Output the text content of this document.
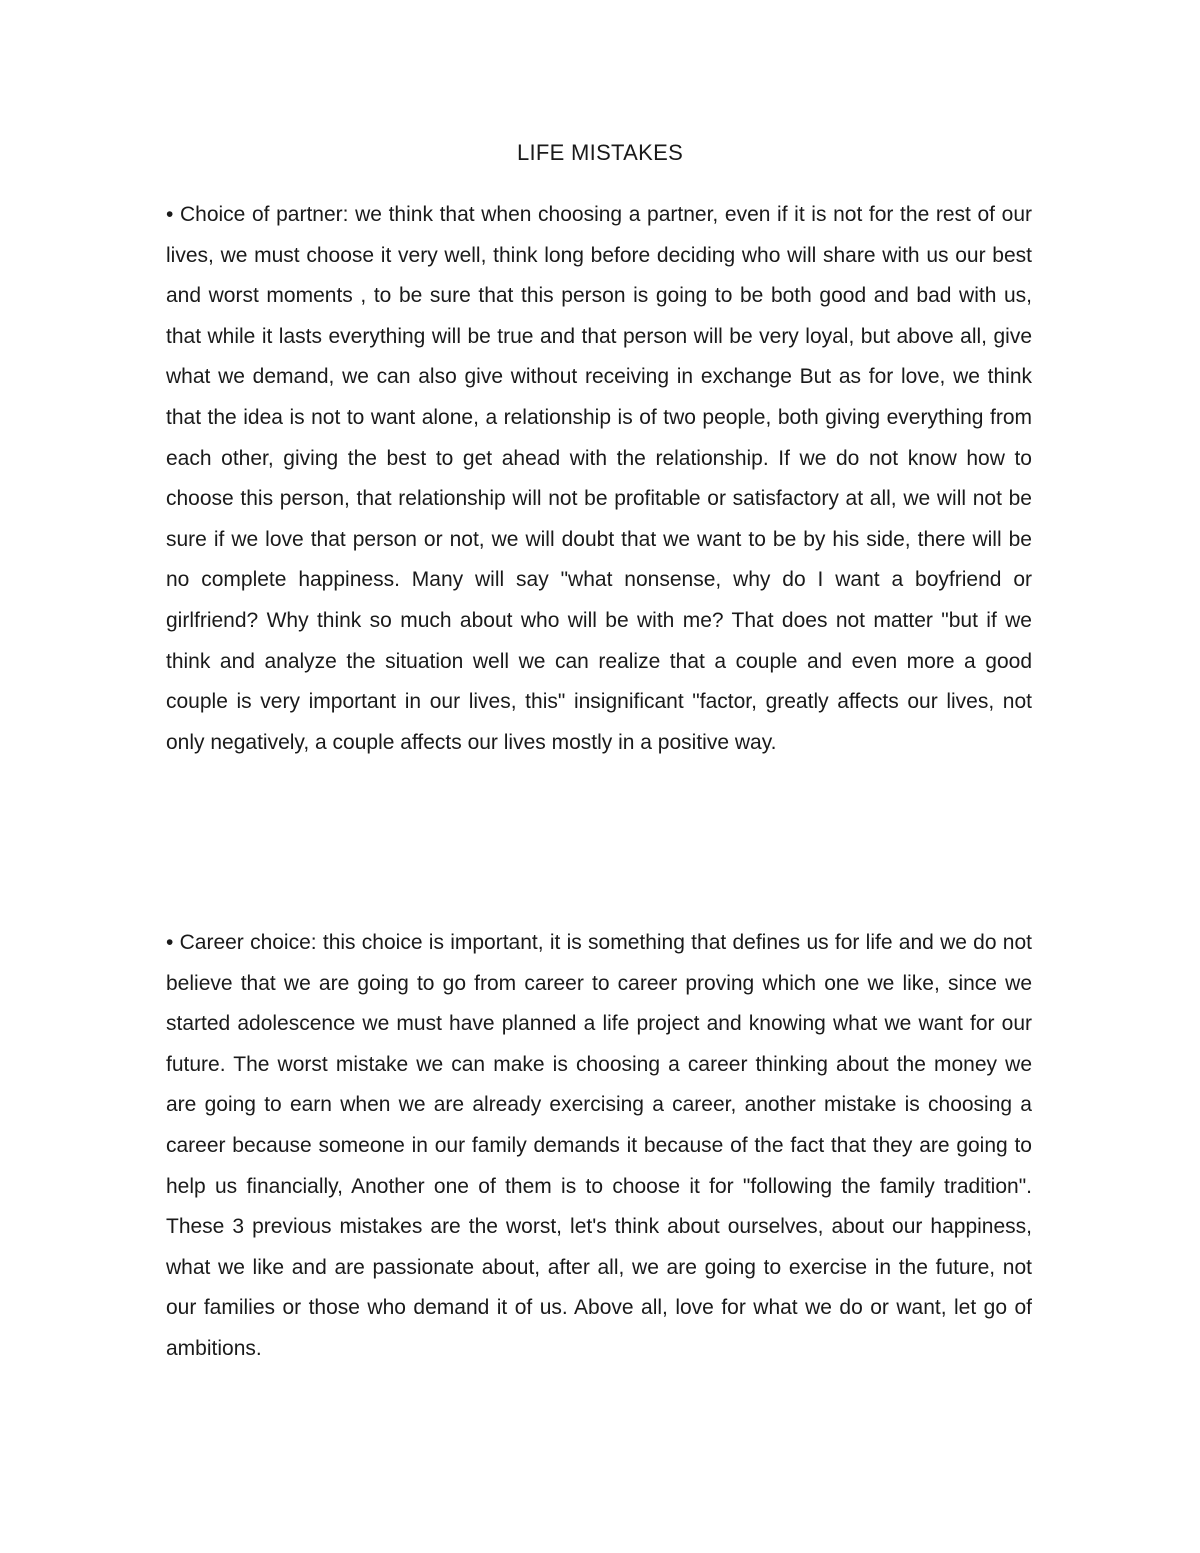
LIFE MISTAKES

• Choice of partner: we think that when choosing a partner, even if it is not for the rest of our lives, we must choose it very well, think long before deciding who will share with us our best and worst moments , to be sure that this person is going to be both good and bad with us, that while it lasts everything will be true and that person will be very loyal, but above all, give what we demand, we can also give without receiving in exchange But as for love, we think that the idea is not to want alone, a relationship is of two people, both giving everything from each other, giving the best to get ahead with the relationship. If we do not know how to choose this person, that relationship will not be profitable or satisfactory at all, we will not be sure if we love that person or not, we will doubt that we want to be by his side, there will be no complete happiness. Many will say "what nonsense, why do I want a boyfriend or girlfriend? Why think so much about who will be with me? That does not matter "but if we think and analyze the situation well we can realize that a couple and even more a good couple is very important in our lives, this" insignificant "factor, greatly affects our lives, not only negatively, a couple affects our lives mostly in a positive way.

• Career choice: this choice is important, it is something that defines us for life and we do not believe that we are going to go from career to career proving which one we like, since we started adolescence we must have planned a life project and knowing what we want for our future. The worst mistake we can make is choosing a career thinking about the money we are going to earn when we are already exercising a career, another mistake is choosing a career because someone in our family demands it because of the fact that they are going to help us financially, Another one of them is to choose it for "following the family tradition". These 3 previous mistakes are the worst, let's think about ourselves, about our happiness, what we like and are passionate about, after all, we are going to exercise in the future, not our families or those who demand it of us. Above all, love for what we do or want, let go of ambitions.
